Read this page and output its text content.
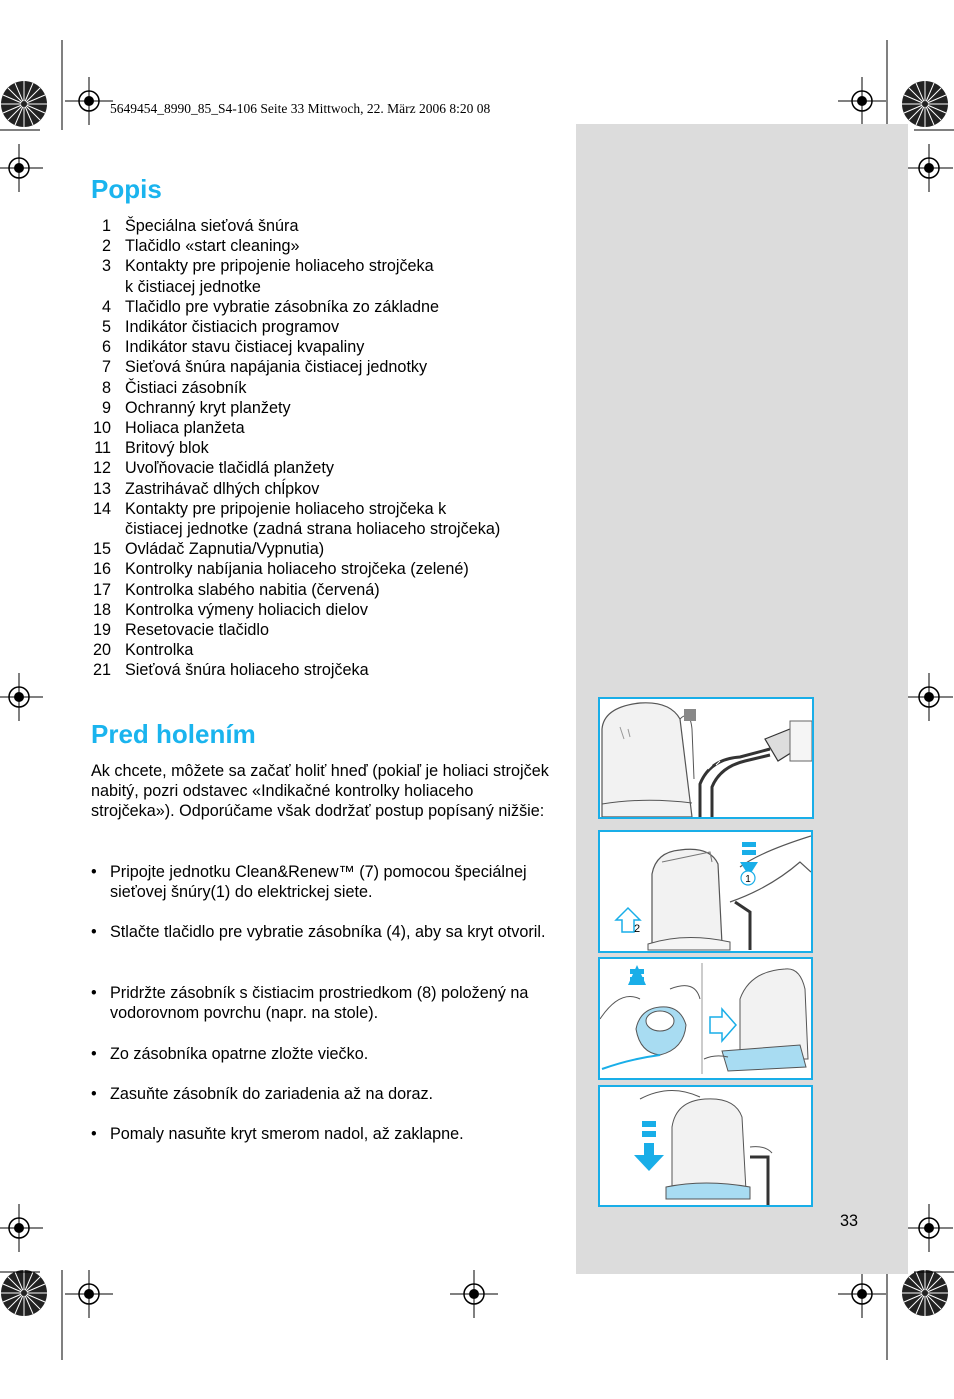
5649454_8990_85_S4-106 Seite 33 Mittwoch, 22. März 2006 8:20 08
Popis
1 Špeciálna sieťová šnúra
2 Tlačidlo «start cleaning»
3 Kontakty pre pripojenie holiaceho strojčeka
k čistiacej jednotke
4 Tlačidlo pre vybratie zásobníka zo základne
5 Indikátor čistiacich programov
6 Indikátor stavu čistiacej kvapaliny
7 Sieťová šnúra napájania čistiacej jednotky
8 Čistiaci zásobník
9 Ochranný kryt planžety
10 Holiaca planžeta
11 Britový blok
12 Uvoľňovacie tlačidlá planžety
13 Zastrihávač dlhých chĺpkov
14 Kontakty pre pripojenie holiaceho strojčeka k
čistiacej jednotke (zadná strana holiaceho strojčeka)
15 Ovládač Zapnutia/Vypnutia)
16 Kontrolky nabíjania holiaceho strojčeka (zelené)
17 Kontrolka slabého nabitia (červená)
18 Kontrolka výmeny holiacich dielov
19 Resetovacie tlačidlo
20 Kontrolka
21 Sieťová šnúra holiaceho strojčeka
Pred holením

Ak chcete, môžete sa začať holiť hneď (pokiaľ je holiaci strojček nabitý, pozri odstavec «Indikačné kontrolky holiaceho strojčeka»). Odporúčame však dodržať postup popísaný nižšie:

• Pripojte jednotku Clean&Renew™ (7) pomocou špeciálnej sieťovej šnúry(1) do elektrickej siete.
• Stlačte tlačidlo pre vybratie zásobníka (4), aby sa kryt otvoril.
• Pridržte zásobník s čistiacim prostriedkom (8) položený na vodorovnom povrchu (napr. na stole).
• Zo zásobníka opatrne zložte viečko.
• Zasuňte zásobník do zariadenia až na doraz.
• Pomaly nasuňte kryt smerom nadol, až zaklapne.
1
2
33
